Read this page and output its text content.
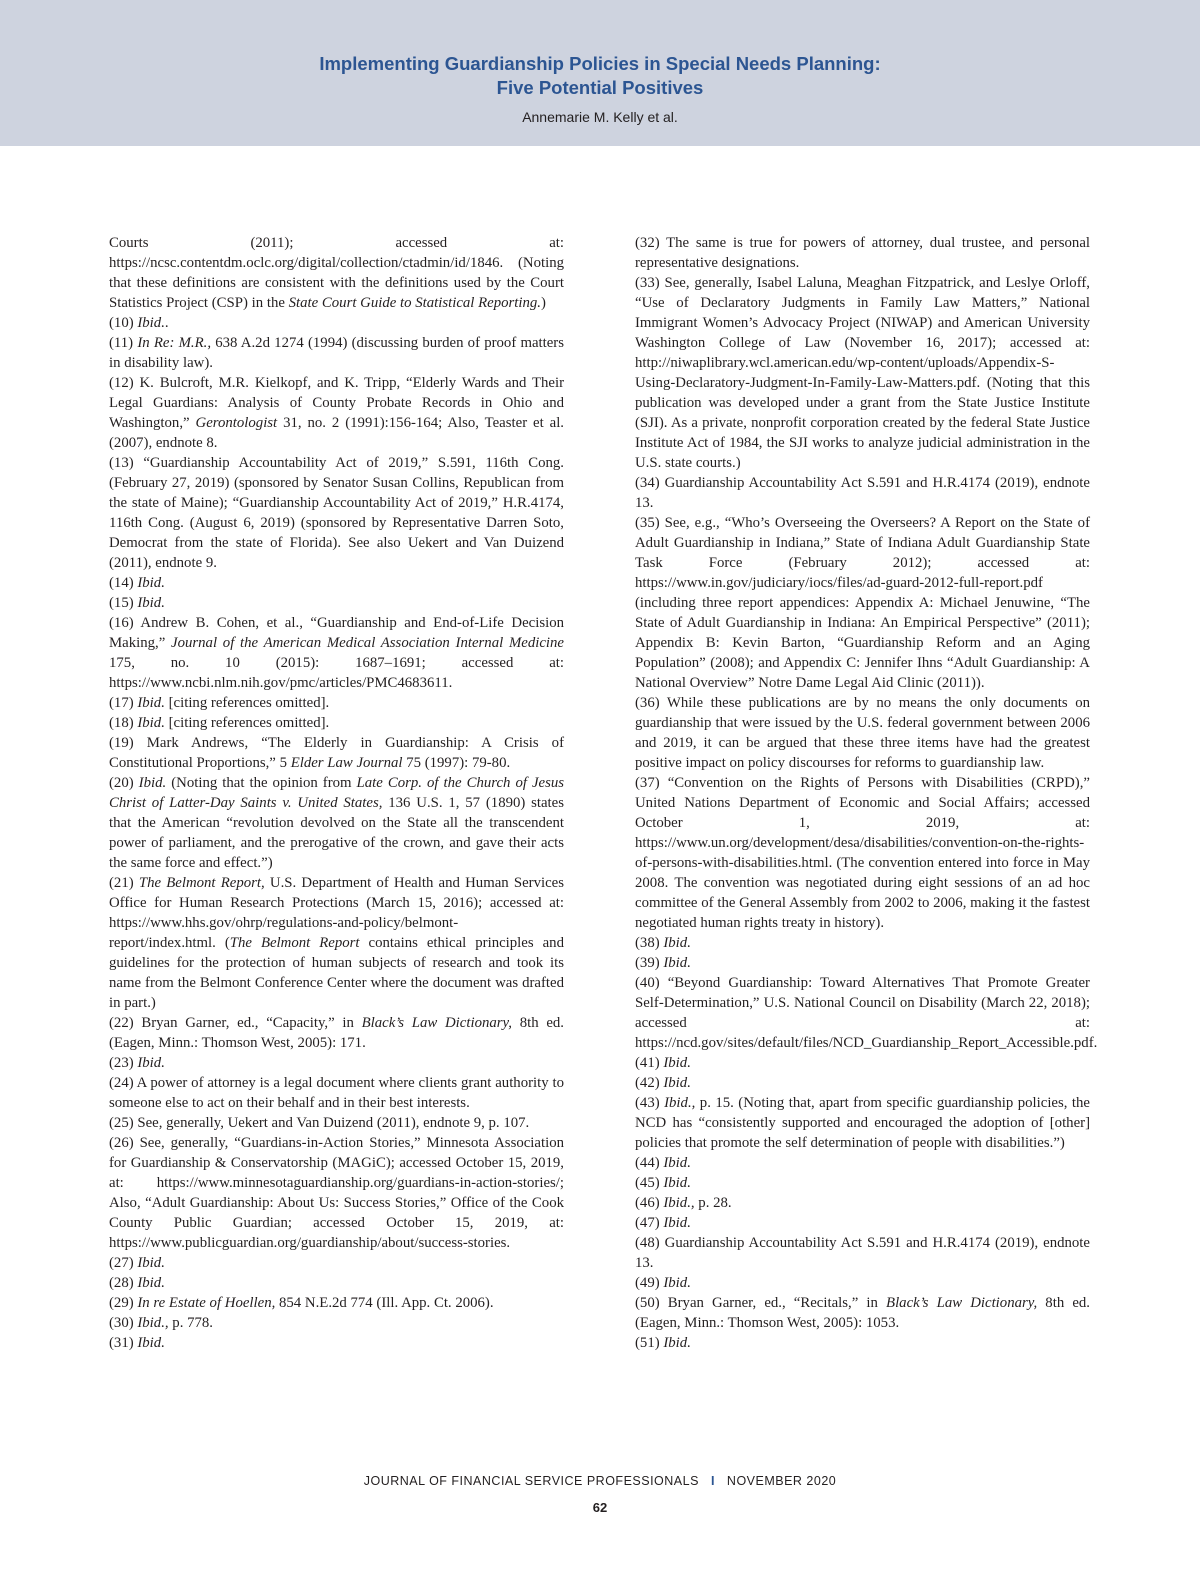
Implementing Guardianship Policies in Special Needs Planning:
Five Potential Positives
Annemarie M. Kelly et al.

Courts (2011); accessed at: https://ncsc.contentdm.oclc.org/digital/collection/ctadmin/id/1846. (Noting that these definitions are consistent with the definitions used by the Court Statistics Project (CSP) in the State Court Guide to Statistical Reporting.)

(10) Ibid..

(11) In Re: M.R., 638 A.2d 1274 (1994) (discussing burden of proof matters in disability law).

(12) K. Bulcroft, M.R. Kielkopf, and K. Tripp, “Elderly Wards and Their Legal Guardians: Analysis of County Probate Records in Ohio and Washington,” Gerontologist 31, no. 2 (1991):156-164; Also, Teaster et al. (2007), endnote 8.

(13) “Guardianship Accountability Act of 2019,” S.591, 116th Cong. (February 27, 2019) (sponsored by Senator Susan Collins, Republican from the state of Maine); “Guardianship Accountability Act of 2019,” H.R.4174, 116th Cong. (August 6, 2019) (sponsored by Representative Darren Soto, Democrat from the state of Florida). See also Uekert and Van Duizend (2011), endnote 9.

(14) Ibid.

(15) Ibid.

(16) Andrew B. Cohen, et al., “Guardianship and End-of-Life Decision Making,” Journal of the American Medical Association Internal Medicine 175, no. 10 (2015): 1687–1691; accessed at: https://www.ncbi.nlm.nih.gov/pmc/articles/PMC4683611.

(17) Ibid. [citing references omitted].

(18) Ibid. [citing references omitted].

(19) Mark Andrews, “The Elderly in Guardianship: A Crisis of Constitutional Proportions,” 5 Elder Law Journal 75 (1997): 79-80.

(20) Ibid. (Noting that the opinion from Late Corp. of the Church of Jesus Christ of Latter-Day Saints v. United States, 136 U.S. 1, 57 (1890) states that the American “revolution devolved on the State all the transcendent power of parliament, and the prerogative of the crown, and gave their acts the same force and effect.”)

(21) The Belmont Report, U.S. Department of Health and Human Services Office for Human Research Protections (March 15, 2016); accessed at: https://www.hhs.gov/ohrp/regulations-and-policy/belmont-report/index.html. (The Belmont Report contains ethical principles and guidelines for the protection of human subjects of research and took its name from the Belmont Conference Center where the document was drafted in part.)

(22) Bryan Garner, ed., “Capacity,” in Black’s Law Dictionary, 8th ed. (Eagen, Minn.: Thomson West, 2005): 171.

(23) Ibid.

(24) A power of attorney is a legal document where clients grant authority to someone else to act on their behalf and in their best interests.

(25) See, generally, Uekert and Van Duizend (2011), endnote 9, p. 107.

(26) See, generally, “Guardians-in-Action Stories,” Minnesota Association for Guardianship & Conservatorship (MAGiC); accessed October 15, 2019, at: https://www.minnesotaguardianship.org/guardians-in-action-stories/; Also, “Adult Guardianship: About Us: Success Stories,” Office of the Cook County Public Guardian; accessed October 15, 2019, at: https://www.publicguardian.org/guardianship/about/success-stories.

(27) Ibid.

(28) Ibid.

(29) In re Estate of Hoellen, 854 N.E.2d 774 (Ill. App. Ct. 2006).

(30) Ibid., p. 778.

(31) Ibid.

(32) The same is true for powers of attorney, dual trustee, and personal representative designations.

(33) See, generally, Isabel Laluna, Meaghan Fitzpatrick, and Leslye Orloff, “Use of Declaratory Judgments in Family Law Matters,” National Immigrant Women’s Advocacy Project (NIWAP) and American University Washington College of Law (November 16, 2017); accessed at: http://niwaplibrary.wcl.american.edu/wp-content/uploads/Appendix-S-Using-Declaratory-Judgment-In-Family-Law-Matters.pdf. (Noting that this publication was developed under a grant from the State Justice Institute (SJI). As a private, nonprofit corporation created by the federal State Justice Institute Act of 1984, the SJI works to analyze judicial administration in the U.S. state courts.)

(34) Guardianship Accountability Act S.591 and H.R.4174 (2019), endnote 13.

(35) See, e.g., “Who’s Overseeing the Overseers? A Report on the State of Adult Guardianship in Indiana,” State of Indiana Adult Guardianship State Task Force (February 2012); accessed at: https://www.in.gov/judiciary/iocs/files/ad-guard-2012-full-report.pdf (including three report appendices: Appendix A: Michael Jenuwine, “The State of Adult Guardianship in Indiana: An Empirical Perspective” (2011); Appendix B: Kevin Barton, “Guardianship Reform and an Aging Population” (2008); and Appendix C: Jennifer Ihns “Adult Guardianship: A National Overview” Notre Dame Legal Aid Clinic (2011)).

(36) While these publications are by no means the only documents on guardianship that were issued by the U.S. federal government between 2006 and 2019, it can be argued that these three items have had the greatest positive impact on policy discourses for reforms to guardianship law.

(37) “Convention on the Rights of Persons with Disabilities (CRPD),” United Nations Department of Economic and Social Affairs; accessed October 1, 2019, at: https://www.un.org/development/desa/disabilities/convention-on-the-rights-of-persons-with-disabilities.html. (The convention entered into force in May 2008. The convention was negotiated during eight sessions of an ad hoc committee of the General Assembly from 2002 to 2006, making it the fastest negotiated human rights treaty in history).

(38) Ibid.

(39) Ibid.

(40) “Beyond Guardianship: Toward Alternatives That Promote Greater Self-Determination,” U.S. National Council on Disability (March 22, 2018); accessed at: https://ncd.gov/sites/default/files/NCD_Guardianship_Report_Accessible.pdf.

(41) Ibid.

(42) Ibid.

(43) Ibid., p. 15. (Noting that, apart from specific guardianship policies, the NCD has “consistently supported and encouraged the adoption of [other] policies that promote the self determination of people with disabilities.”)

(44) Ibid.

(45) Ibid.

(46) Ibid., p. 28.

(47) Ibid.

(48) Guardianship Accountability Act S.591 and H.R.4174 (2019), endnote 13.

(49) Ibid.

(50) Bryan Garner, ed., “Recitals,” in Black’s Law Dictionary, 8th ed. (Eagen, Minn.: Thomson West, 2005): 1053.

(51) Ibid.

JOURNAL OF FINANCIAL SERVICE PROFESSIONALS I NOVEMBER 2020
62
